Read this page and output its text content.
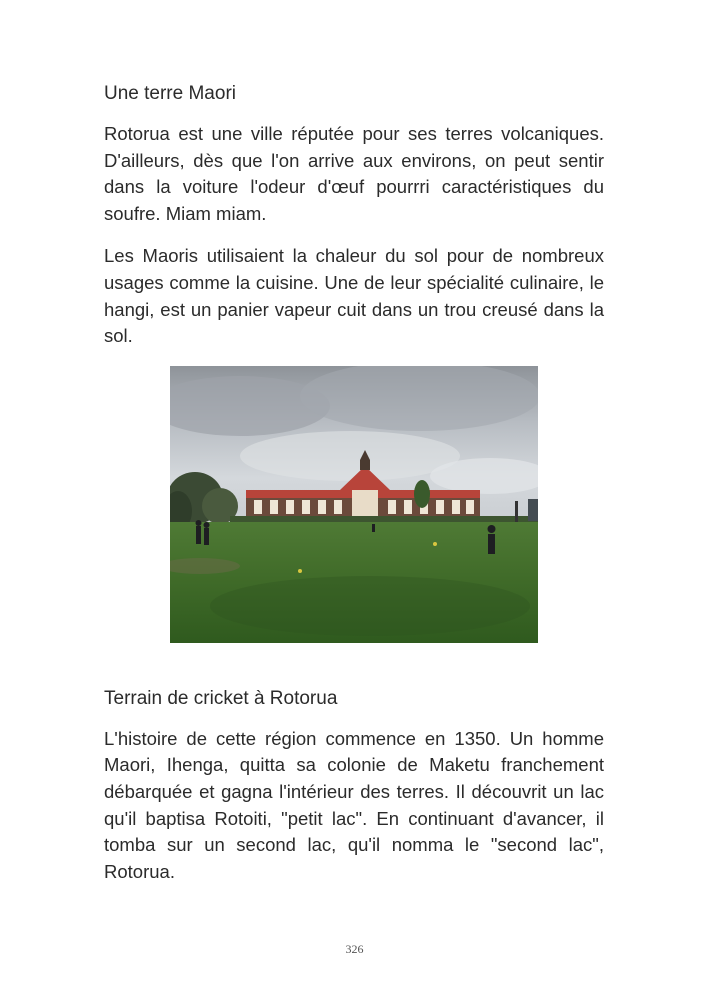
Une terre Maori

Rotorua est une ville réputée pour ses terres volcaniques. D'ailleurs, dès que l'on arrive aux environs, on peut sentir dans la voiture l'odeur d'œuf pourrri caractéristiques du soufre. Miam miam.

Les Maoris utilisaient la chaleur du sol pour de nombreux usages comme la cuisine. Une de leur spécialité culinaire, le hangi, est un panier vapeur cuit dans un trou creusé dans la sol.

Terrain de cricket à Rotorua

L'histoire de cette région commence en 1350. Un homme Maori, Ihenga, quitta sa colonie de Maketu franchement débarquée et gagna l'intérieur des terres. Il découvrit un lac qu'il baptisa Rotoiti, "petit lac". En continuant d'avancer, il tomba sur un second lac, qu'il nomma le "second lac", Rotorua.

326
